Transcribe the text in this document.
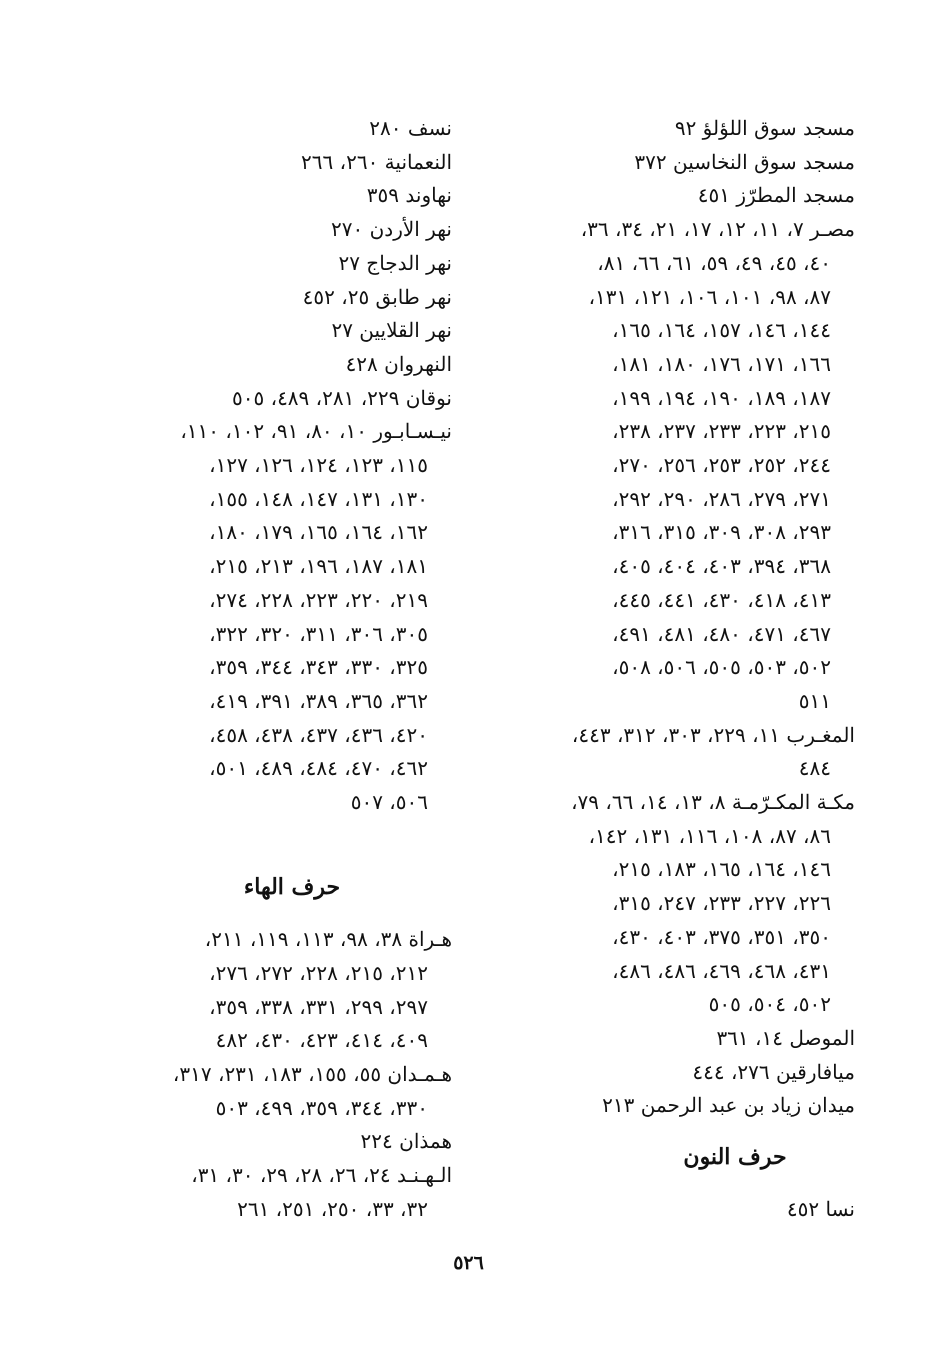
مسجد سوق اللؤلؤ ٩٢
مسجد سوق النخاسين ٣٧٢
مسجد المطرّز ٤٥١
مصـر ٧، ١١، ١٢، ١٧، ٢١، ٣٤، ٣٦،
٤٠، ٤٥، ٤٩، ٥٩، ٦١، ٦٦، ٨١،
٨٧، ٩٨، ١٠١، ١٠٦، ١٢١، ١٣١،
١٤٤، ١٤٦، ١٥٧، ١٦٤، ١٦٥،
١٦٦، ١٧١، ١٧٦، ١٨٠، ١٨١،
١٨٧، ١٨٩، ١٩٠، ١٩٤، ١٩٩،
٢١٥، ٢٢٣، ٢٣٣، ٢٣٧، ٢٣٨،
٢٤٤، ٢٥٢، ٢٥٣، ٢٥٦، ٢٧٠،
٢٧١، ٢٧٩، ٢٨٦، ٢٩٠، ٢٩٢،
٢٩٣، ٣٠٨، ٣٠٩، ٣١٥، ٣١٦،
٣٦٨، ٣٩٤، ٤٠٣، ٤٠٤، ٤٠٥،
٤١٣، ٤١٨، ٤٣٠، ٤٤١، ٤٤٥،
٤٦٧، ٤٧١، ٤٨٠، ٤٨١، ٤٩١،
٥٠٢، ٥٠٣، ٥٠٥، ٥٠٦، ٥٠٨،
٥١١
المغـرب ١١، ٢٢٩، ٣٠٣، ٣١٢، ٤٤٣،
٤٨٤
مكـة المكـرّمـة ٨، ١٣، ١٤، ٦٦، ٧٩،
٨٦، ٨٧، ١٠٨، ١١٦، ١٣١، ١٤٢،
١٤٦، ١٦٤، ١٦٥، ١٨٣، ٢١٥،
٢٢٦، ٢٢٧، ٢٣٣، ٢٤٧، ٣١٥،
٣٥٠، ٣٥١، ٣٧٥، ٤٠٣، ٤٣٠،
٤٣١، ٤٦٨، ٤٦٩، ٤٨٦، ٤٨٦،
٥٠٢، ٥٠٤، ٥٠٥
الموصل ١٤، ٣٦١
ميافارقين ٢٧٦، ٤٤٤
ميدان زياد بن عبد الرحمن ٢١٣
حرف النون
نسا ٤٥٢
نسف ٢٨٠
النعمانية ٢٦٠، ٢٦٦
نهاوند ٣٥٩
نهر الأردن ٢٧٠
نهر الدجاج ٢٧
نهر طابق ٢٥، ٤٥٢
نهر القلايين ٢٧
النهروان ٤٢٨
نوقان ٢٢٩، ٢٨١، ٤٨٩، ٥٠٥
نيـسـابـور ١٠، ٨٠، ٩١، ١٠٢، ١١٠،
١١٥، ١٢٣، ١٢٤، ١٢٦، ١٢٧،
١٣٠، ١٣١، ١٤٧، ١٤٨، ١٥٥،
١٦٢، ١٦٤، ١٦٥، ١٧٩، ١٨٠،
١٨١، ١٨٧، ١٩٦، ٢١٣، ٢١٥،
٢١٩، ٢٢٠، ٢٢٣، ٢٢٨، ٢٧٤،
٣٠٥، ٣٠٦، ٣١١، ٣٢٠، ٣٢٢،
٣٢٥، ٣٣٠، ٣٤٣، ٣٤٤، ٣٥٩،
٣٦٢، ٣٦٥، ٣٨٩، ٣٩١، ٤١٩،
٤٢٠، ٤٣٦، ٤٣٧، ٤٣٨، ٤٥٨،
٤٦٢، ٤٧٠، ٤٨٤، ٤٨٩، ٥٠١،
٥٠٦، ٥٠٧
حرف الهاء
هـراة ٣٨، ٩٨، ١١٣، ١١٩، ٢١١،
٢١٢، ٢١٥، ٢٢٨، ٢٧٢، ٢٧٦،
٢٩٧، ٢٩٩، ٣٣١، ٣٣٨، ٣٥٩،
٤٠٩، ٤١٤، ٤٢٣، ٤٣٠، ٤٨٢
هـمـدان ٥٥، ١٥٥، ١٨٣، ٢٣١، ٣١٧،
٣٣٠، ٣٤٤، ٣٥٩، ٤٩٩، ٥٠٣
همذان ٢٢٤
الـهـنـد ٢٤، ٢٦، ٢٨، ٢٩، ٣٠، ٣١،
٣٢، ٣٣، ٢٥٠، ٢٥١، ٢٦١
٥٢٦
